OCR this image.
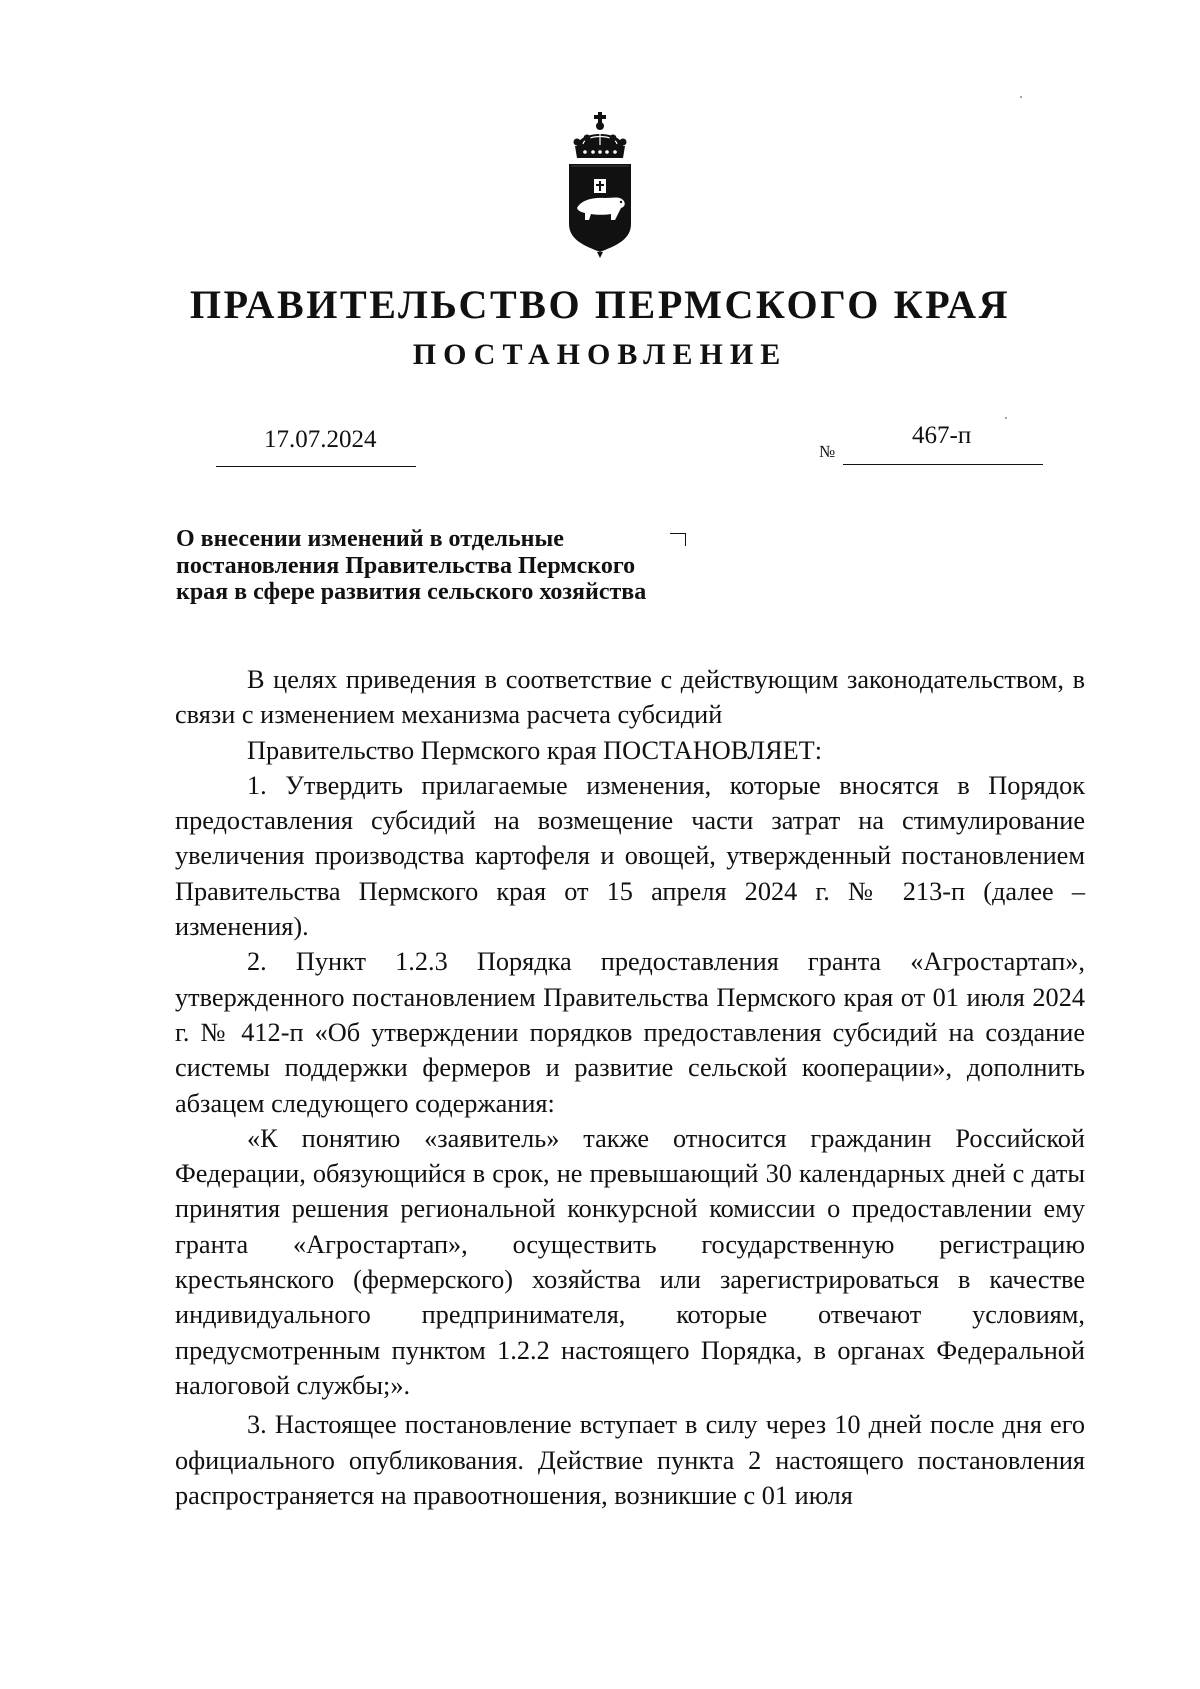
ПРАВИТЕЛЬСТВО ПЕРМСКОГО КРАЯ
ПОСТАНОВЛЕНИЕ
17.07.2024	№
467-п
О внесении изменений в отдельные
постановления Правительства Пермского
края в сфере развития сельского хозяйства

В целях приведения в соответствие с действующим законодательством, в связи с изменением механизма расчета субсидий

Правительство Пермского края ПОСТАНОВЛЯЕТ:

1. Утвердить прилагаемые изменения, которые вносятся в Порядок предоставления субсидий на возмещение части затрат на стимулирование увеличения производства картофеля и овощей, утвержденный постановлением Правительства Пермского края от 15 апреля 2024 г. № 213-п (далее – изменения).

2. Пункт 1.2.3 Порядка предоставления гранта «Агростартап», утвержденного постановлением Правительства Пермского края от 01 июля 2024 г. № 412-п «Об утверждении порядков предоставления субсидий на создание системы поддержки фермеров и развитие сельской кооперации», дополнить абзацем следующего содержания:

«К понятию «заявитель» также относится гражданин Российской Федерации, обязующийся в срок, не превышающий 30 календарных дней с даты принятия решения региональной конкурсной комиссии о предоставлении ему гранта «Агростартап», осуществить государственную регистрацию крестьянского (фермерского) хозяйства или зарегистрироваться в качестве индивидуального предпринимателя, которые отвечают условиям, предусмотренным пунктом 1.2.2 настоящего Порядка, в органах Федеральной налоговой службы;».

3. Настоящее постановление вступает в силу через 10 дней после дня его официального опубликования. Действие пункта 2 настоящего постановления распространяется на правоотношения, возникшие с 01 июля
